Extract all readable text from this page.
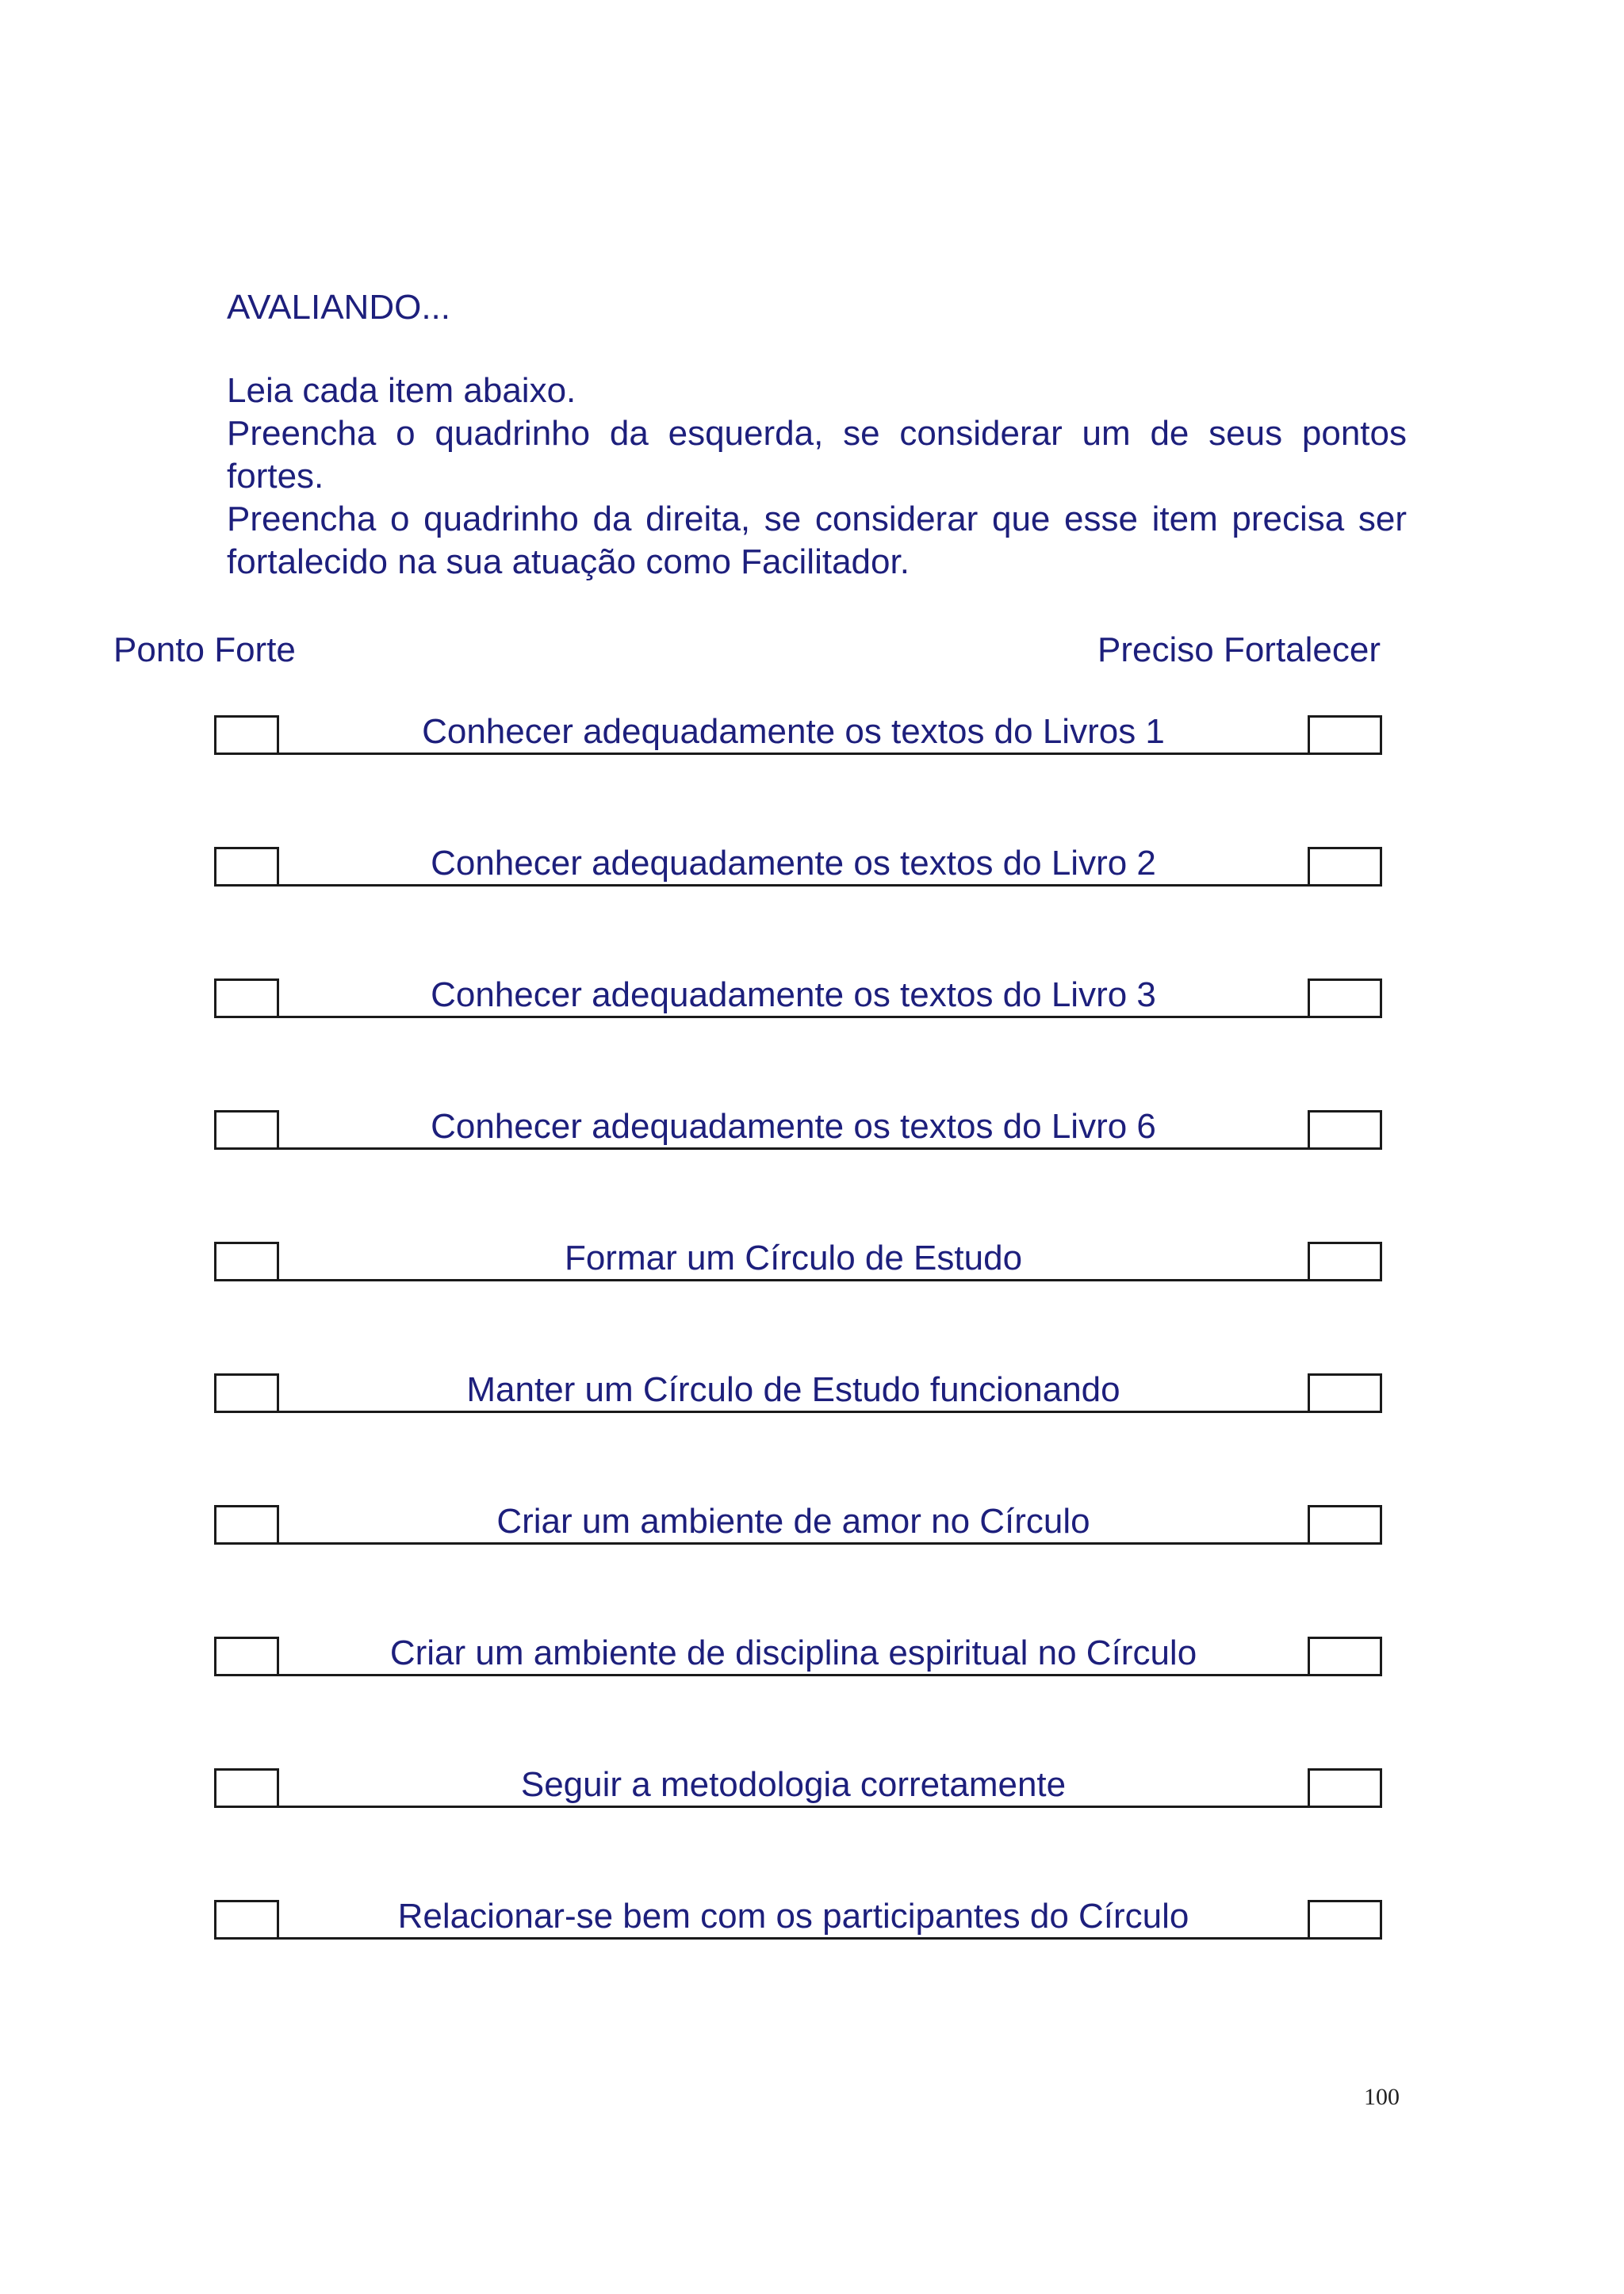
AVALIANDO...

Leia cada item abaixo.

Preencha o quadrinho da esquerda, se considerar um de seus pontos fortes.

Preencha o quadrinho da direita, se considerar que esse item precisa ser fortalecido na sua atuação como Facilitador.

Ponto Forte	Preciso Fortalecer
Conhecer adequadamente os textos do Livros 1
Conhecer adequadamente os textos do Livro 2
Conhecer adequadamente os textos do Livro 3
Conhecer adequadamente os textos do Livro 6
Formar um Círculo de Estudo
Manter um Círculo de Estudo funcionando
Criar um ambiente de amor no Círculo
Criar um ambiente de disciplina espiritual no Círculo
Seguir a metodologia corretamente
Relacionar-se bem com os participantes do Círculo
100
